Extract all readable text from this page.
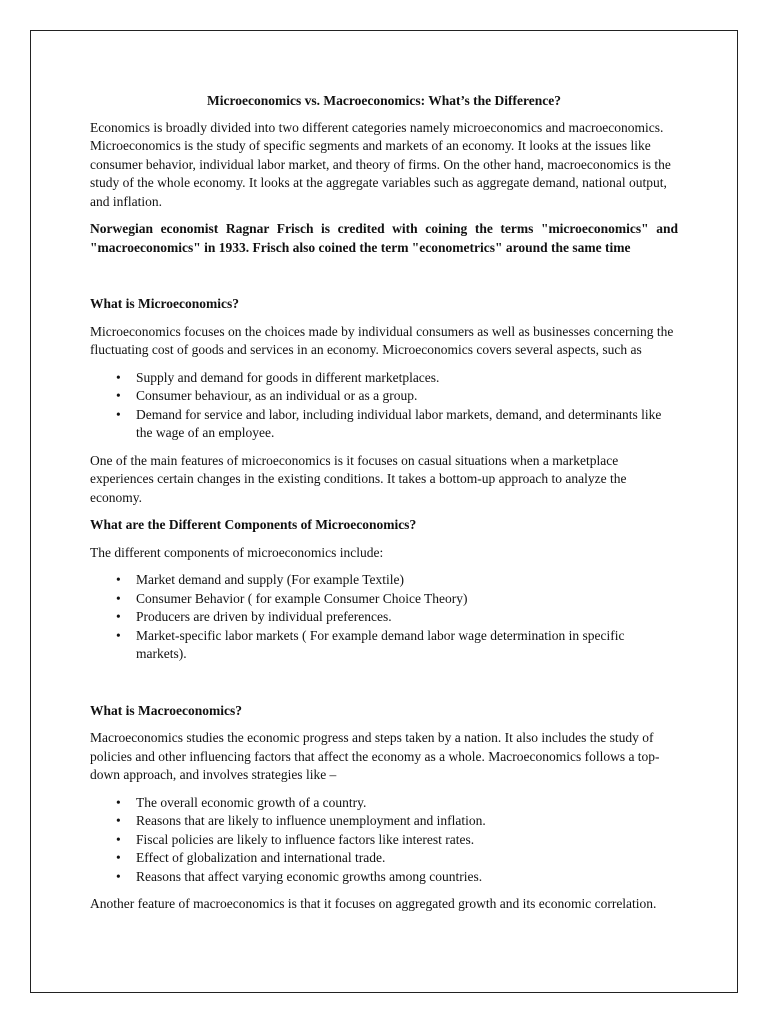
Microeconomics vs. Macroeconomics: What’s the Difference?

Economics is broadly divided into two different categories namely microeconomics and macroeconomics. Microeconomics is the study of specific segments and markets of an economy. It looks at the issues like consumer behavior, individual labor market, and theory of firms. On the other hand, macroeconomics is the study of the whole economy. It looks at the aggregate variables such as aggregate demand, national output, and inflation.

Norwegian economist Ragnar Frisch is credited with coining the terms "microeconomics" and "macroeconomics" in 1933. Frisch also coined the term "econometrics" around the same time

What is Microeconomics?

Microeconomics focuses on the choices made by individual consumers as well as businesses concerning the fluctuating cost of goods and services in an economy. Microeconomics covers several aspects, such as

• Supply and demand for goods in different marketplaces.
• Consumer behaviour, as an individual or as a group.
• Demand for service and labor, including individual labor markets, demand, and determinants like the wage of an employee.

One of the main features of microeconomics is it focuses on casual situations when a marketplace experiences certain changes in the existing conditions. It takes a bottom-up approach to analyze the economy.

What are the Different Components of Microeconomics?

The different components of microeconomics include:

• Market demand and supply (For example Textile)
• Consumer Behavior ( for example Consumer Choice Theory)
• Producers are driven by individual preferences.
• Market-specific labor markets ( For example demand labor wage determination in specific markets).
What is Macroeconomics?

Macroeconomics studies the economic progress and steps taken by a nation. It also includes the study of policies and other influencing factors that affect the economy as a whole. Macroeconomics follows a top-down approach, and involves strategies like –

• The overall economic growth of a country.
• Reasons that are likely to influence unemployment and inflation.
• Fiscal policies are likely to influence factors like interest rates.
• Effect of globalization and international trade.
• Reasons that affect varying economic growths among countries.

Another feature of macroeconomics is that it focuses on aggregated growth and its economic correlation.
